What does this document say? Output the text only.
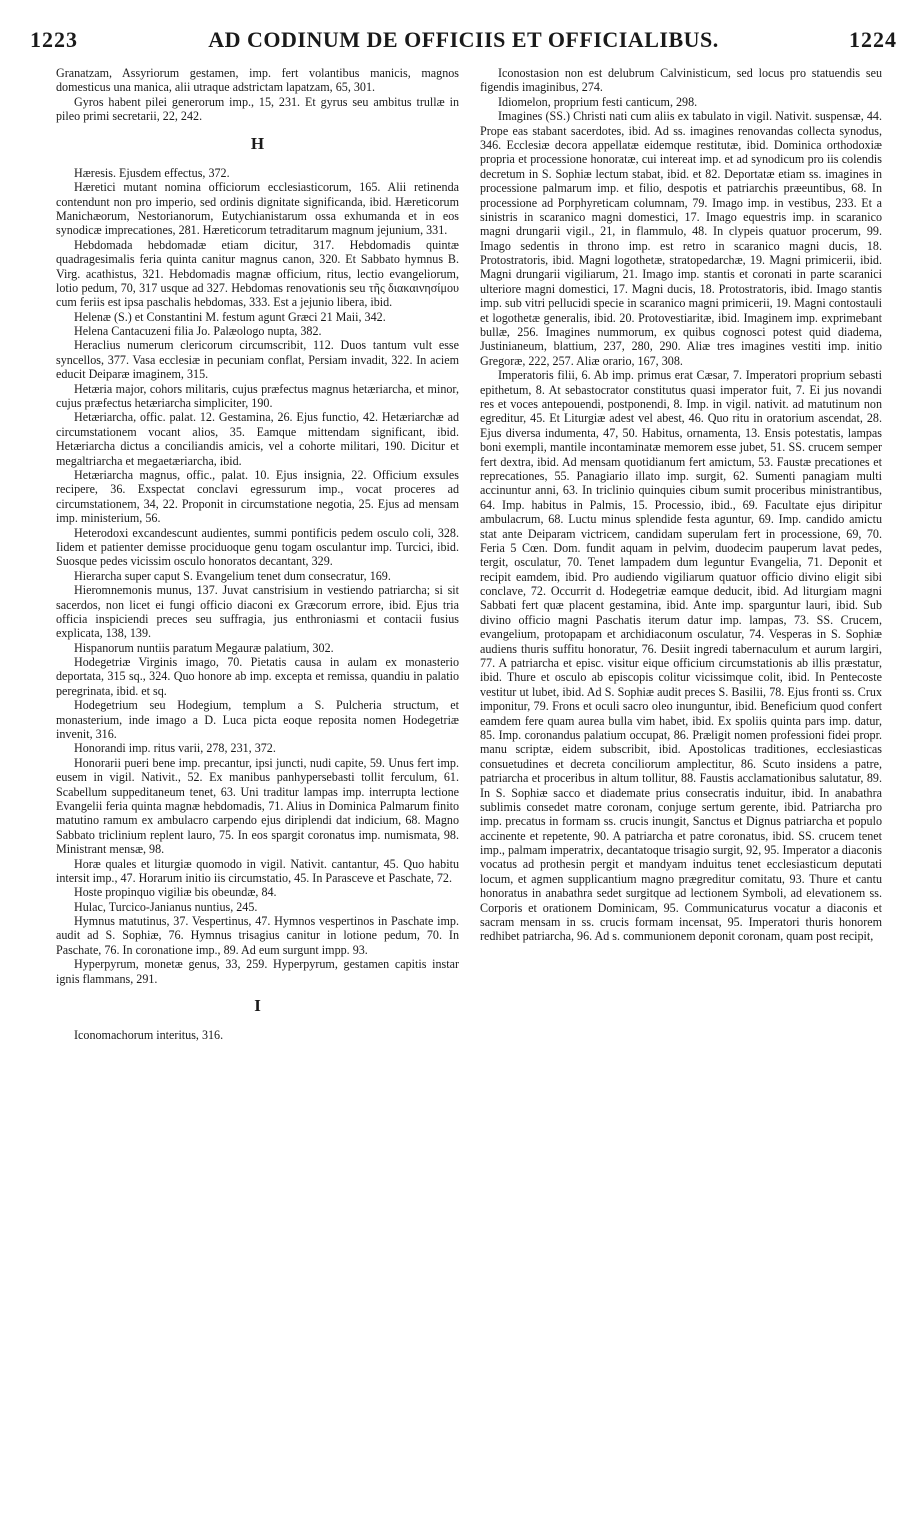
1223	AD CODINUM DE OFFICIIS ET OFFICIALIBUS.	1224

Granatzam, Assyriorum gestamen, imp. fert volantibus manicis, magnos domesticus una manica, alii utraque adstrictam lapatzam, 65, 301.

Gyros habent pilei generorum imp., 15, 231. Et gyrus seu ambitus trullæ in pileo primi secretarii, 22, 242.

H

Hæresis. Ejusdem effectus, 372.

Hæretici mutant nomina officiorum ecclesiasticorum, 165. Alii retinenda contendunt non pro imperio, sed ordinis dignitate significanda, ibid. Hæreticorum Manichæorum, Nestorianorum, Eutychianistarum ossa exhumanda et in eos synodicæ imprecationes, 281. Hæreticorum tetraditarum magnum jejunium, 331.

Hebdomada hebdomadæ etiam dicitur, 317. Hebdomadis quintæ quadragesimalis feria quinta canitur magnus canon, 320. Et Sabbato hymnus B. Virg. acathistus, 321. Hebdomadis magnæ officium, ritus, lectio evangeliorum, lotio pedum, 70, 317 usque ad 327. Hebdomas renovationis seu τῆς διακαινησίμου cum feriis est ipsa paschalis hebdomas, 333. Est a jejunio libera, ibid.

Helenæ (S.) et Constantini M. festum agunt Græci 21 Maii, 342.

Helena Cantacuzeni filia Jo. Palæologo nupta, 382.

Heraclius numerum clericorum circumscribit, 112. Duos tantum vult esse syncellos, 377. Vasa ecclesiæ in pecuniam conflat, Persiam invadit, 322. In aciem educit Deiparæ imaginem, 315.

Hetæria major, cohors militaris, cujus præfectus magnus hetæriarcha, et minor, cujus præfectus hetæriarcha simpliciter, 190.

Hetæriarcha, offic. palat. 12. Gestamina, 26. Ejus functio, 42. Hetæriarchæ ad circumstationem vocant alios, 35. Eamque mittendam significant, ibid. Hetæriarcha dictus a conciliandis amicis, vel a cohorte militari, 190. Dicitur et megaltriarcha et megaetæriarcha, ibid.

Hetæriarcha magnus, offic., palat. 10. Ejus insignia, 22. Officium exsules recipere, 36. Exspectat conclavi egressurum imp., vocat proceres ad circumstationem, 34, 22. Proponit in circumstatione negotia, 25. Ejus ad mensam imp. ministerium, 56.

Heterodoxi excandescunt audientes, summi pontificis pedem osculo coli, 328. Iidem et patienter demisse prociduoque genu togam osculantur imp. Turcici, ibid. Suosque pedes vicissim osculo honoratos decantant, 329.

Hierarcha super caput S. Evangelium tenet dum consecratur, 169.

Hieromnemonis munus, 137. Juvat canstrisium in vestiendo patriarcha; si sit sacerdos, non licet ei fungi officio diaconi ex Græcorum errore, ibid. Ejus tria officia inspiciendi preces seu suffragia, jus enthroniasmi et contacii fusius explicata, 138, 139.

Hispanorum nuntiis paratum Megauræ palatium, 302.

Hodegetriæ Virginis imago, 70. Pietatis causa in aulam ex monasterio deportata, 315 sq., 324. Quo honore ab imp. excepta et remissa, quandiu in palatio peregrinata, ibid. et sq.

Hodegetrium seu Hodegium, templum a S. Pulcheria structum, et monasterium, inde imago a D. Luca picta eoque reposita nomen Hodegetriæ invenit, 316.

Honorandi imp. ritus varii, 278, 231, 372.

Honorarii pueri bene imp. precantur, ipsi juncti, nudi capite, 59. Unus fert imp. eusem in vigil. Nativit., 52. Ex manibus panhypersebasti tollit ferculum, 61. Scabellum suppeditaneum tenet, 63. Uni traditur lampas imp. interrupta lectione Evangelii feria quinta magnæ hebdomadis, 71. Alius in Dominica Palmarum finito matutino ramum ex ambulacro carpendo ejus diriplendi dat indicium, 68. Magno Sabbato triclinium replent lauro, 75. In eos spargit coronatus imp. numismata, 98. Ministrant mensæ, 98.

Horæ quales et liturgiæ quomodo in vigil. Nativit. cantantur, 45. Quo habitu intersit imp., 47. Horarum initio iis circumstatio, 45. In Parasceve et Paschate, 72.

Hoste propinquo vigiliæ bis obeundæ, 84.

Hulac, Turcico-Janianus nuntius, 245.

Hymnus matutinus, 37. Vespertinus, 47. Hymnos vespertinos in Paschate imp. audit ad S. Sophiæ, 76. Hymnus trisagius canitur in lotione pedum, 70. In Paschate, 76. In coronatione imp., 89. Ad eum surgunt impp. 93.

Hyperpyrum, monetæ genus, 33, 259. Hyperpyrum, gestamen capitis instar ignis flammans, 291.

I

Iconomachorum interitus, 316.

Iconostasion non est delubrum Calvinisticum, sed locus pro statuendis seu figendis imaginibus, 274.

Idiomelon, proprium festi canticum, 298.

Imagines (SS.) Christi nati cum aliis ex tabulato in vigil. Nativit. suspensæ, 44. Prope eas stabant sacerdotes, ibid. Ad ss. imagines renovandas collecta synodus, 346. Ecclesiæ decora appellatæ eidemque restitutæ, ibid. Dominica orthodoxiæ propria et processione honoratæ, cui intereat imp. et ad synodicum pro iis colendis decretum in S. Sophiæ lectum stabat, ibid. et 82. Deportatæ etiam ss. imagines in processione palmarum imp. et filio, despotis et patriarchis præeuntibus, 68. In processione ad Porphyreticam columnam, 79. Imago imp. in vestibus, 233. Et a sinistris in scaranico magni domestici, 17. Imago equestris imp. in scaranico magni drungarii vigil., 21, in flammulo, 48. In clypeis quatuor procerum, 99. Imago sedentis in throno imp. est retro in scaranico magni ducis, 18. Protostratoris, ibid. Magni logothetæ, stratopedarchæ, 19. Magni primicerii, ibid. Magni drungarii vigiliarum, 21. Imago imp. stantis et coronati in parte scaranici ulteriore magni domestici, 17. Magni ducis, 18. Protostratoris, ibid. Imago stantis imp. sub vitri pellucidi specie in scaranico magni primicerii, 19. Magni contostauli et logothetæ generalis, ibid. 20. Protovestiaritæ, ibid. Imaginem imp. exprimebant bullæ, 256. Imagines nummorum, ex quibus cognosci potest quid diadema, Justinianeum, blattium, 237, 280, 290. Aliæ tres imagines vestiti imp. initio Gregoræ, 222, 257. Aliæ orario, 167, 308.

Imperatoris filii, 6. Ab imp. primus erat Cæsar, 7. Imperatori proprium sebasti epithetum, 8. At sebastocrator constitutus quasi imperator fuit, 7. Ei jus novandi res et voces antepouendi, postponendi, 8. Imp. in vigil. nativit. ad matutinum non egreditur, 45. Et Liturgiæ adest vel abest, 46. Quo ritu in oratorium ascendat, 28. Ejus diversa indumenta, 47, 50. Habitus, ornamenta, 13. Ensis potestatis, lampas boni exempli, mantile incontaminatæ memorem esse jubet, 51. SS. crucem semper fert dextra, ibid. Ad mensam quotidianum fert amictum, 53. Faustæ precationes et reprecationes, 55. Panagiario illato imp. surgit, 62. Sumenti panagiam multi accinuntur anni, 63. In triclinio quinquies cibum sumit proceribus ministrantibus, 64. Imp. habitus in Palmis, 15. Processio, ibid., 69. Facultate ejus diripitur ambulacrum, 68. Luctu minus splendide festa aguntur, 69. Imp. candido amictu stat ante Deiparam victricem, candidam superulam fert in processione, 69, 70. Feria 5 Cœn. Dom. fundit aquam in pelvim, duodecim pauperum lavat pedes, tergit, osculatur, 70. Tenet lampadem dum leguntur Evangelia, 71. Deponit et recipit eamdem, ibid. Pro audiendo vigiliarum quatuor officio divino eligit sibi conclave, 72. Occurrit d. Hodegetriæ eamque deducit, ibid. Ad liturgiam magni Sabbati fert quæ placent gestamina, ibid. Ante imp. sparguntur lauri, ibid. Sub divino officio magni Paschatis iterum datur imp. lampas, 73. SS. Crucem, evangelium, protopapam et archidiaconum osculatur, 74. Vesperas in S. Sophiæ audiens thuris suffitu honoratur, 76. Desiit ingredi tabernaculum et aurum largiri, 77. A patriarcha et episc. visitur eique officium circumstationis ab illis præstatur, ibid. Thure et osculo ab episcopis colitur vicissimque colit, ibid. In Pentecoste vestitur ut lubet, ibid. Ad S. Sophiæ audit preces S. Basilii, 78. Ejus fronti ss. Crux imponitur, 79. Frons et oculi sacro oleo inunguntur, ibid. Beneficium quod confert eamdem fere quam aurea bulla vim habet, ibid. Ex spoliis quinta pars imp. datur, 85. Imp. coronandus palatium occupat, 86. Præligit nomen professioni fidei propr. manu scriptæ, eidem subscribit, ibid. Apostolicas traditiones, ecclesiasticas consuetudines et decreta conciliorum amplectitur, 86. Scuto insidens a patre, patriarcha et proceribus in altum tollitur, 88. Faustis acclamationibus salutatur, 89. In S. Sophiæ sacco et diademate prius consecratis induitur, ibid. In anabathra sublimis consedet matre coronam, conjuge sertum gerente, ibid. Patriarcha pro imp. precatus in formam ss. crucis inungit, Sanctus et Dignus patriarcha et populo accinente et repetente, 90. A patriarcha et patre coronatus, ibid. SS. crucem tenet imp., palmam imperatrix, decantatoque trisagio surgit, 92, 95. Imperator a diaconis vocatus ad prothesin pergit et mandyam induitus tenet ecclesiasticum deputati locum, et agmen supplicantium magno prægreditur comitatu, 93. Thure et cantu honoratus in anabathra sedet surgitque ad lectionem Symboli, ad elevationem ss. Corporis et orationem Dominicam, 95. Communicaturus vocatur a diaconis et sacram mensam in ss. crucis formam incensat, 95. Imperatori thuris honorem redhibet patriarcha, 96. Ad s. communionem deponit coronam, quam post recipit,
